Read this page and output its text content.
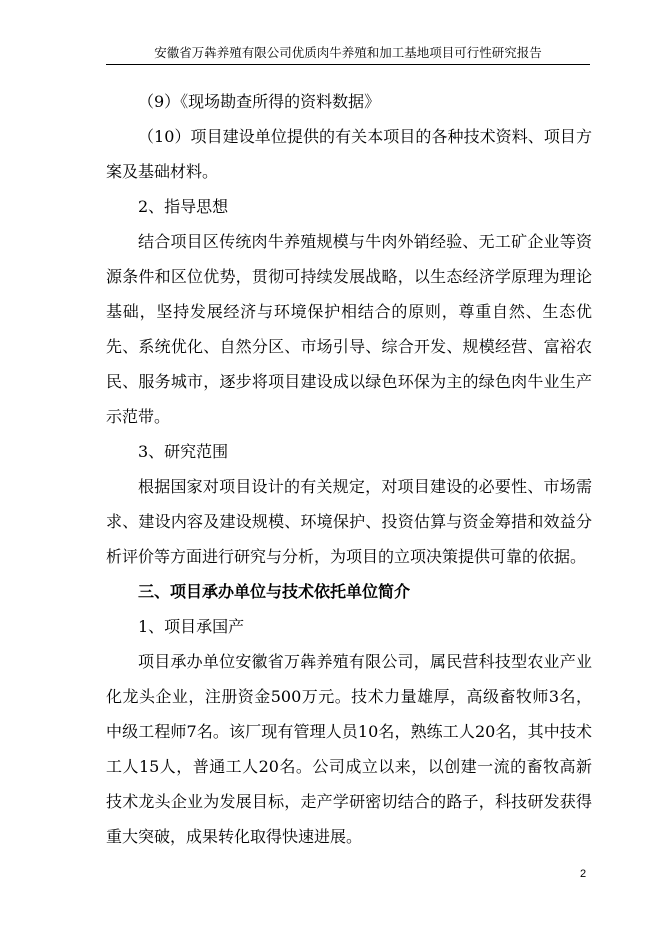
安徽省万犇养殖有限公司优质肉牛养殖和加工基地项目可行性研究报告

（9）《现场勘查所得的资料数据》

（10）项目建设单位提供的有关本项目的各种技术资料、项目方案及基础材料。

2、指导思想

结合项目区传统肉牛养殖规模与牛肉外销经验、无工矿企业等资源条件和区位优势，贯彻可持续发展战略，以生态经济学原理为理论基础，坚持发展经济与环境保护相结合的原则，尊重自然、生态优先、系统优化、自然分区、市场引导、综合开发、规模经营、富裕农民、服务城市，逐步将项目建设成以绿色环保为主的绿色肉牛业生产示范带。

3、研究范围

根据国家对项目设计的有关规定，对项目建设的必要性、市场需求、建设内容及建设规模、环境保护、投资估算与资金筹措和效益分析评价等方面进行研究与分析，为项目的立项决策提供可靠的依据。

三、项目承办单位与技术依托单位简介

1、项目承国产

项目承办单位安徽省万犇养殖有限公司，属民营科技型农业产业化龙头企业，注册资金500万元。技术力量雄厚，高级畜牧师3名，中级工程师7名。该厂现有管理人员10名，熟练工人20名，其中技术工人15人，普通工人20名。公司成立以来，以创建一流的畜牧高新技术龙头企业为发展目标，走产学研密切结合的路子，科技研发获得重大突破，成果转化取得快速进展。

2
